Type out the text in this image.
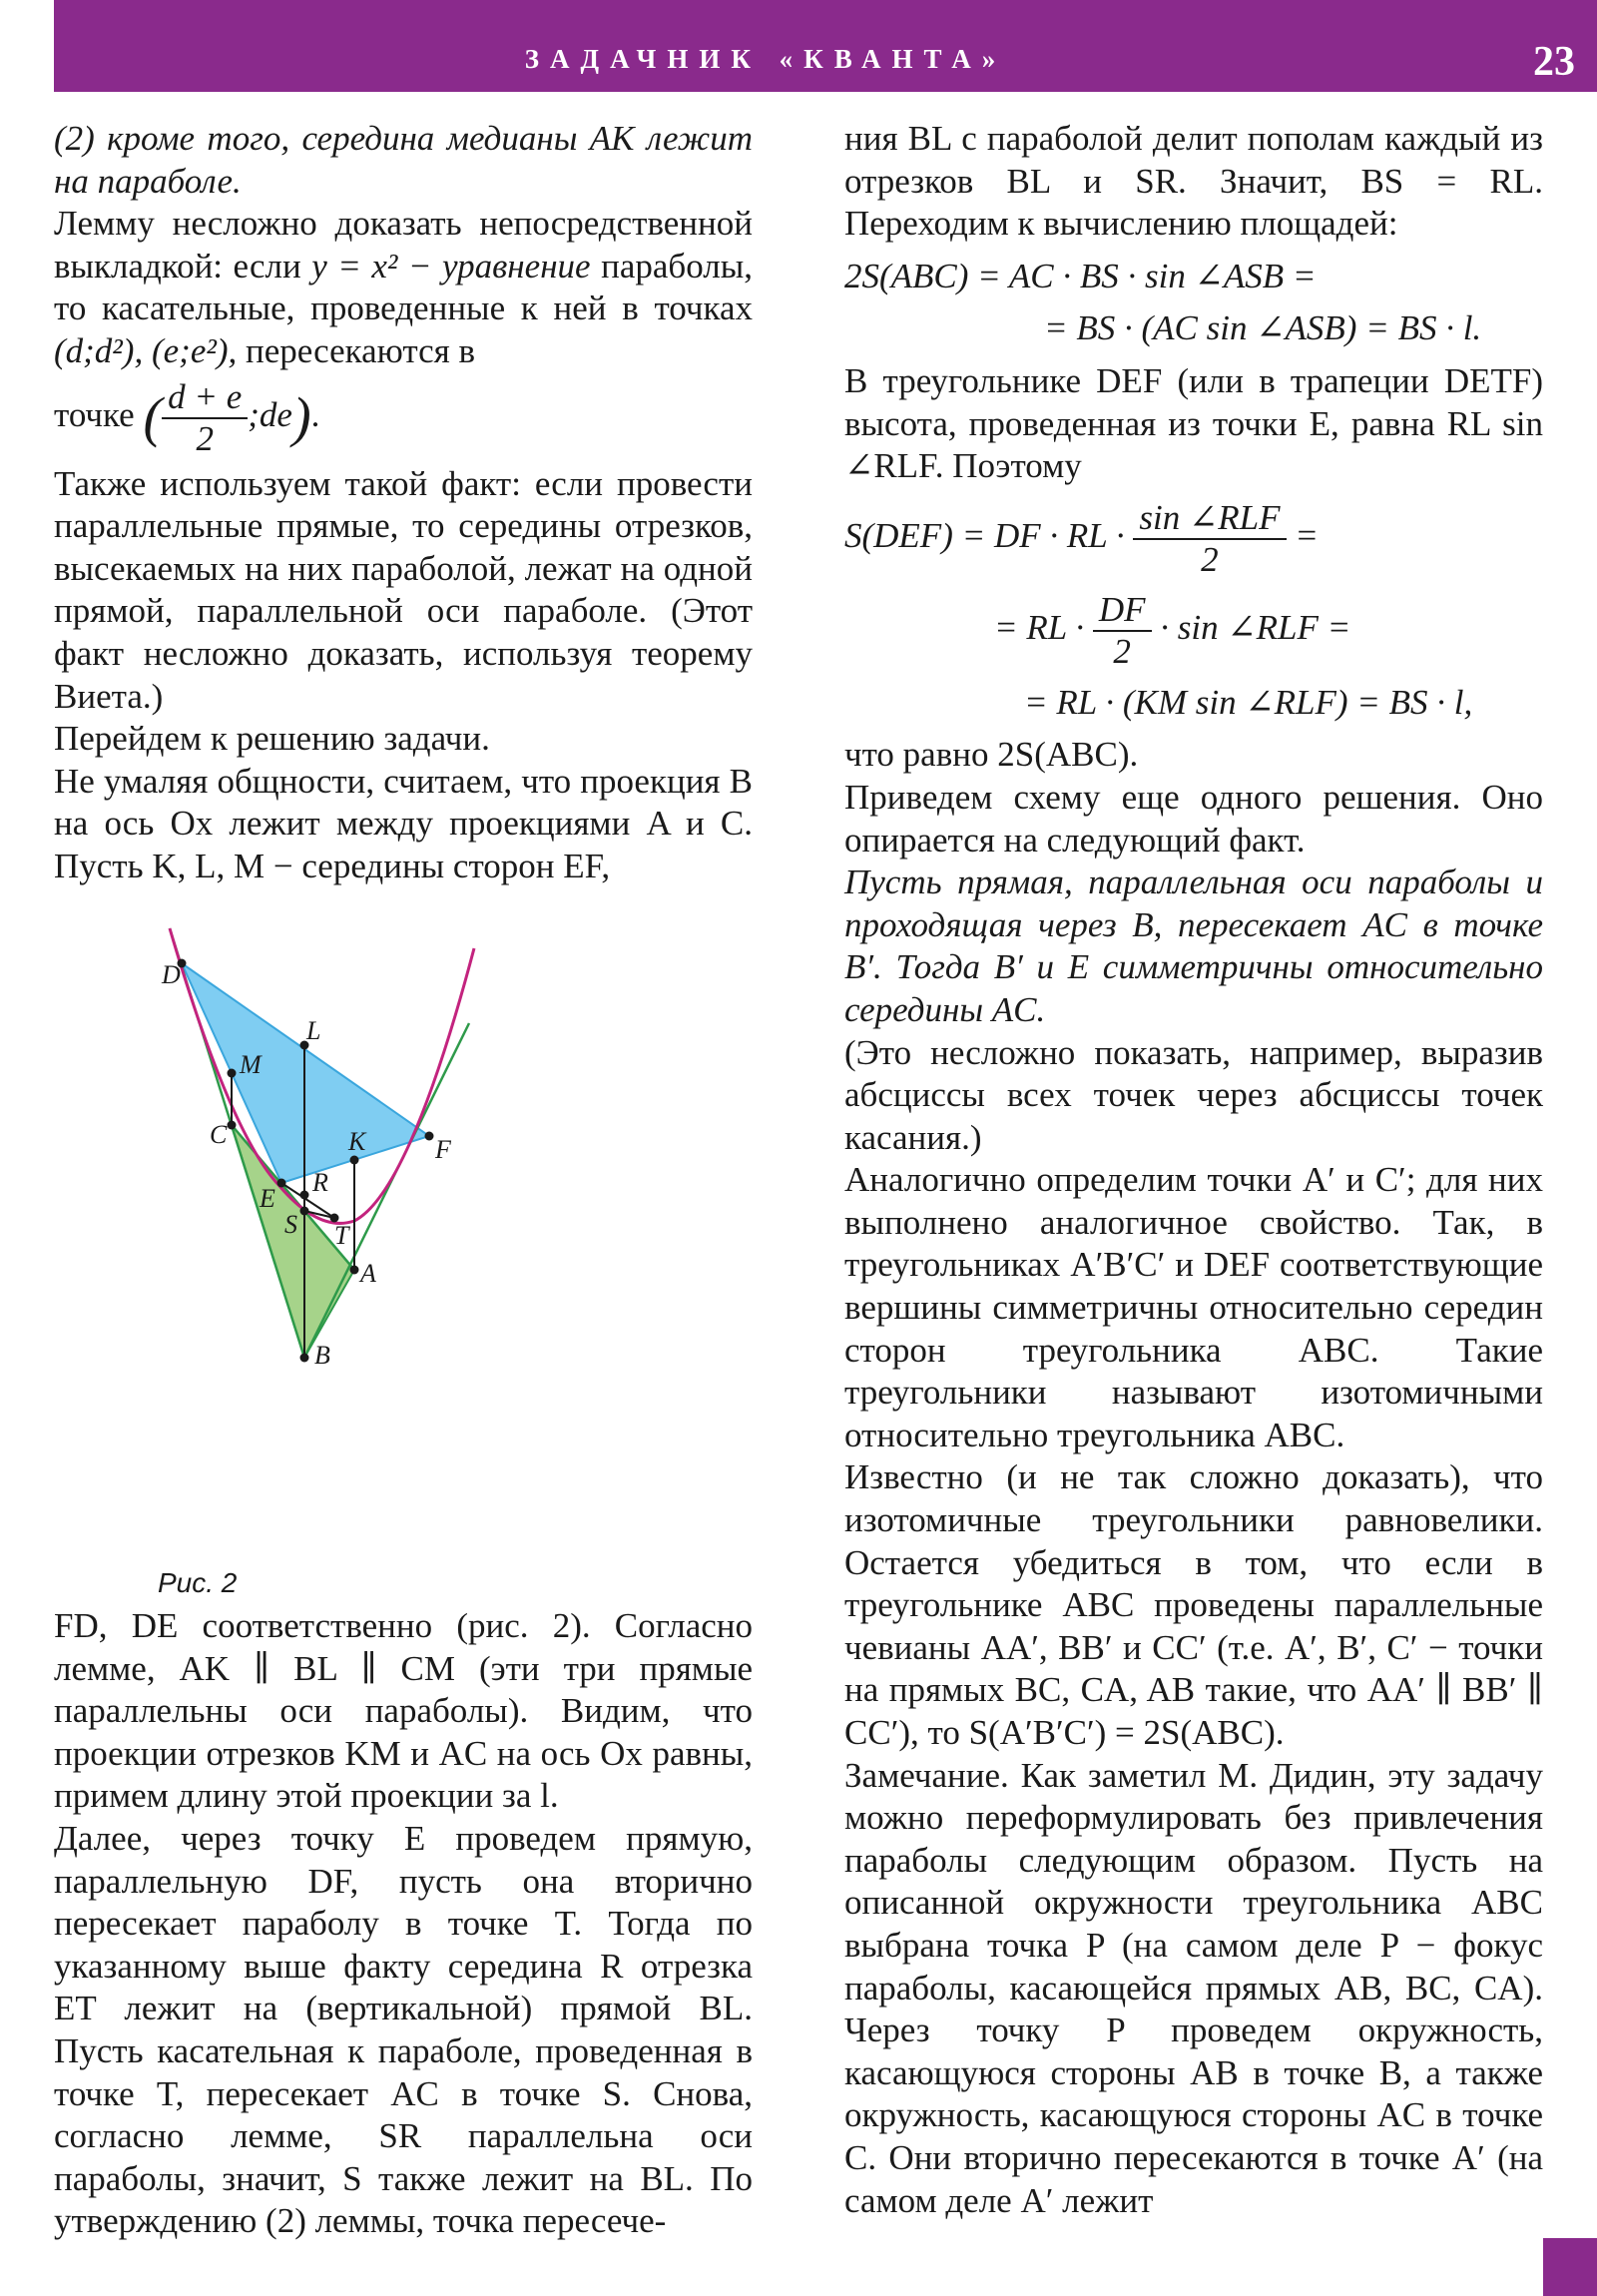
ЗАДАЧНИК «КВАНТА»	23

(2) кроме того, середина медианы AK лежит на параболе.

Лемму несложно доказать непосредственной выкладкой: если y = x² − уравнение параболы, то касательные, проведенные к ней в точках (d;d²), (e;e²), пересекаются в

точке ( $\frac{d + e}{2}$ ;de).

Также используем такой факт: если провести параллельные прямые, то середины отрезков, высекаемых на них параболой, лежат на одной прямой, параллельной оси параболе. (Этот факт несложно доказать, используя теорему Виета.)

Перейдем к решению задачи.

Не умаляя общности, считаем, что проекция B на ось Ox лежит между проекциями A и C. Пусть K, L, M − середины сторон EF,

D
L
M
C	K	F
E
R
S T
A
B
Рис. 2

FD, DE соответственно (рис. 2). Согласно лемме, AK ∥ BL ∥ CM (эти три прямые параллельны оси параболы). Видим, что проекции отрезков KM и AC на ось Ox равны, примем длину этой проекции за l.

Далее, через точку E проведем прямую, параллельную DF, пусть она вторично пересекает параболу в точке T. Тогда по указанному выше факту середина R отрезка ET лежит на (вертикальной) прямой BL. Пусть касательная к параболе, проведенная в точке T, пересекает AC в точке S. Снова, согласно лемме, SR параллельна оси параболы, значит, S также лежит на BL. По утверждению (2) леммы, точка пересече-

ния BL с параболой делит пополам каждый из отрезков BL и SR. Значит, BS = RL. Переходим к вычислению площадей:

2S(ABC) = AC · BS · sin ∠ASB =
= BS · (AC sin ∠ASB) = BS · l.

В треугольнике DEF (или в трапеции DETF) высота, проведенная из точки E, равна RL sin ∠RLF. Поэтому

S(DEF) = DF · RL · $\frac{\text{sin ∠RLF}}{2}$ =
= RL · $\frac{DF}{2} \cdot \sin$ ∠RLF =
= RL · (KM sin ∠RLF) = BS · l,

что равно 2S(ABC).

Приведем схему еще одного решения. Оно опирается на следующий факт.

Пусть прямая, параллельная оси параболы и проходящая через B, пересекает AC в точке B′. Тогда B′ и E симметричны относительно середины AC.

(Это несложно показать, например, выразив абсциссы всех точек через абсциссы точек касания.)

Аналогично определим точки A′ и C′; для них выполнено аналогичное свойство. Так, в треугольниках A′B′C′ и DEF соответствующие вершины симметричны относительно середин сторон треугольника ABC. Такие треугольники называют изотомичными относительно треугольника ABC.

Известно (и не так сложно доказать), что изотомичные треугольники равновелики. Остается убедиться в том, что если в треугольнике ABC проведены параллельные чевианы AA′, BB′ и CC′ (т.е. A′, B′, C′ − точки на прямых BC, CA, AB такие, что AA′ ∥ BB′ ∥ CC′), то S(A′B′C′) = 2S(ABC).

Замечание. Как заметил М. Дидин, эту задачу можно переформулировать без привлечения параболы следующим образом. Пусть на описанной окружности треугольника ABC выбрана точка P (на самом деле P − фокус параболы, касающейся прямых AB, BC, CA). Через точку P проведем окружность, касающуюся стороны AB в точке B, а также окружность, касающуюся стороны AC в точке C. Они вторично пересекаются в точке A′ (на самом деле A′ лежит
